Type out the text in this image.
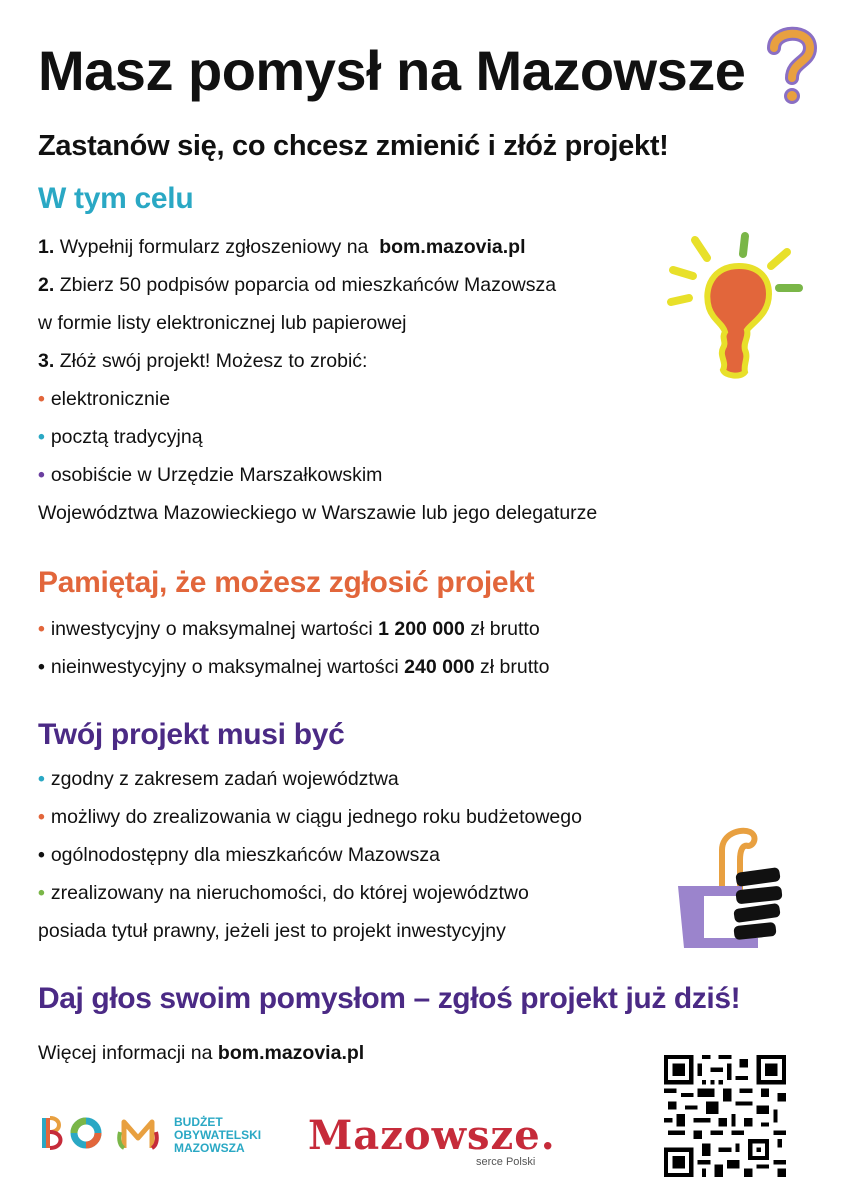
Masz pomysł na Mazowsze
Zastanów się, co chcesz zmienić i złóż projekt!
W tym celu

1. Wypełnij formularz zgłoszeniowy na bom.mazovia.pl

2. Zbierz 50 podpisów poparcia od mieszkańców Mazowsza

w formie listy elektronicznej lub papierowej

3. Złóż swój projekt! Możesz to zrobić:

• elektronicznie

• pocztą tradycyjną

• osobiście w Urzędzie Marszałkowskim

Województwa Mazowieckiego w Warszawie lub jego delegaturze

Pamiętaj, że możesz zgłosić projekt

• inwestycyjny o maksymalnej wartości 1 200 000 zł brutto

• nieinwestycyjny o maksymalnej wartości 240 000 zł brutto

Twój projekt musi być

• zgodny z zakresem zadań województwa

• możliwy do zrealizowania w ciągu jednego roku budżetowego

• ogólnodostępny dla mieszkańców Mazowsza

• zrealizowany na nieruchomości, do której województwo

posiada tytuł prawny, jeżeli jest to projekt inwestycyjny

Daj głos swoim pomysłom – zgłoś projekt już dziś!

Więcej informacji na bom.mazovia.pl

BUDŻET
OBYWATELSKI
MAZOWSZA	Mazowsze.

serce Polski
